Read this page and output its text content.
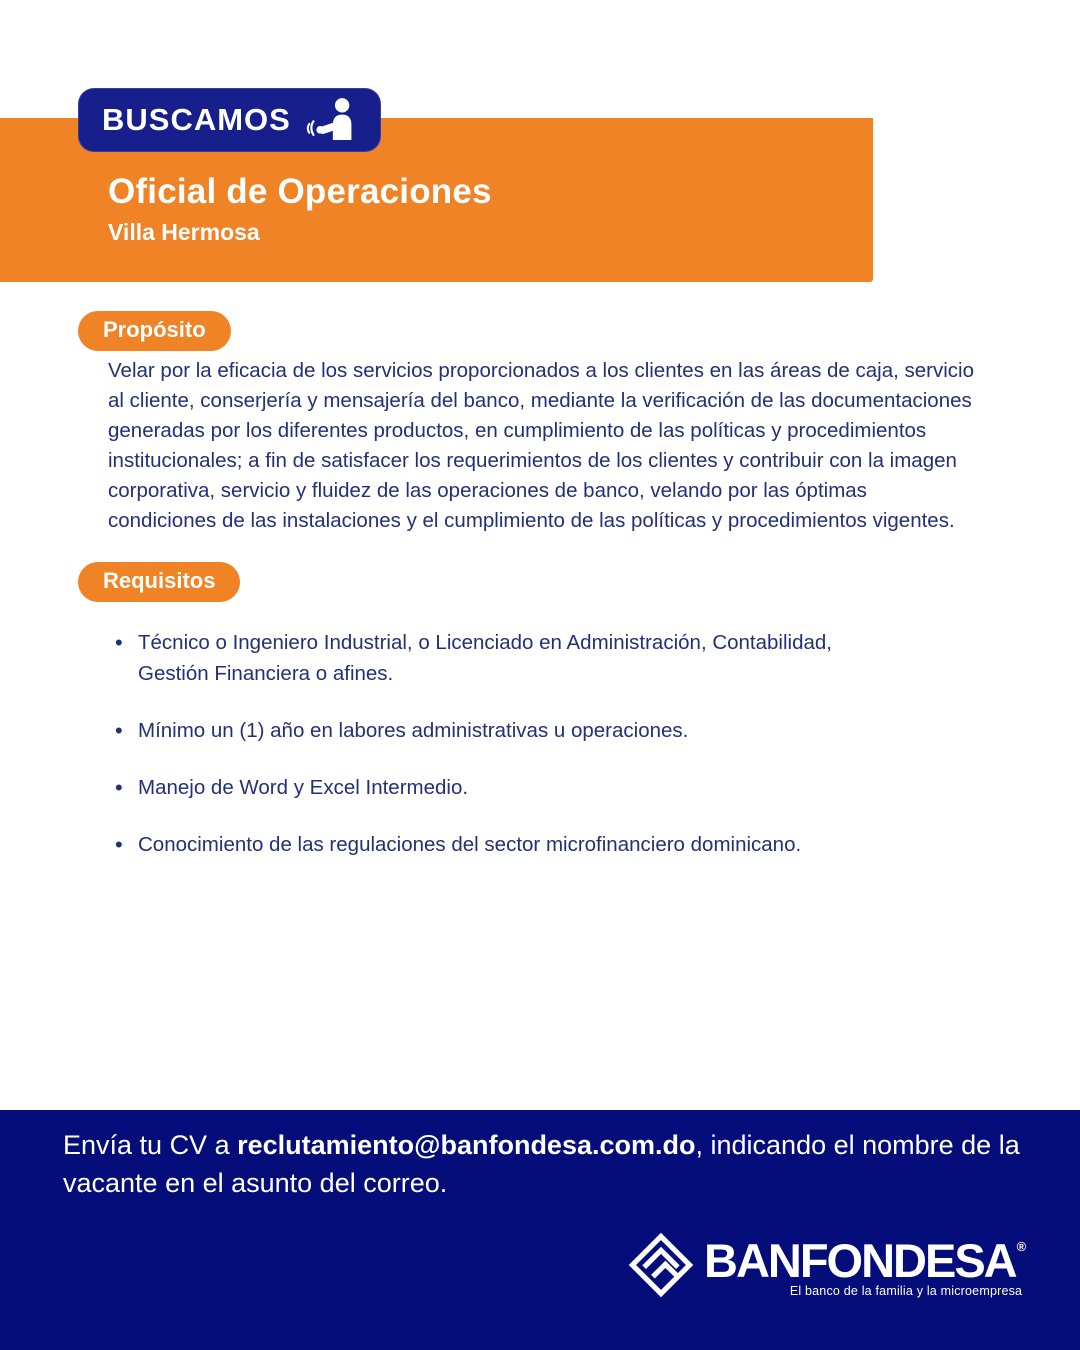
Oficial de Operaciones
Villa Hermosa
BUSCAMOS
Propósito

Velar por la eficacia de los servicios proporcionados a los clientes en las áreas de caja, servicio al cliente, conserjería y mensajería del banco, mediante la verificación de las documentaciones generadas por los diferentes productos, en cumplimiento de las políticas y procedimientos institucionales; a fin de satisfacer los requerimientos de los clientes y contribuir con la imagen corporativa, servicio y fluidez de las operaciones de banco, velando por las óptimas condiciones de las instalaciones y el cumplimiento de las políticas y procedimientos vigentes.

Requisitos
• Técnico o Ingeniero Industrial, o Licenciado en Administración, Contabilidad, Gestión Financiera o afines.
• Mínimo un (1) año en labores administrativas u operaciones.
• Manejo de Word y Excel Intermedio.
• Conocimiento de las regulaciones del sector microfinanciero dominicano.

Envía tu CV a reclutamiento@banfondesa.com.do, indicando el nombre de la vacante en el asunto del correo.

BANFONDESA ®
El banco de la familia y la microempresa
